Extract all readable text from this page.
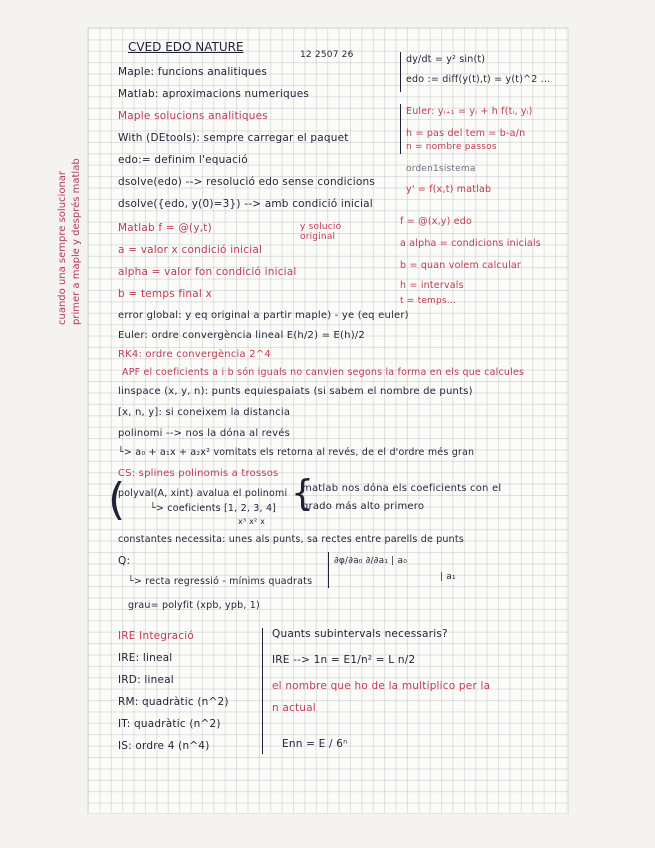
cuando una sempre solucionar primer a maple y després matlab
CVED EDO NATURE
12 2507 26
Maple: funcions analitiques
Matlab: aproximacions numeriques
Maple solucions analitiques
With (DEtools): sempre carregar el paquet
edo:= definim l'equació
dsolve(edo) --> resolució edo sense condicions
dsolve({edo, y(0)=3}) --> amb condició inicial
dy/dt = y² sin(t)
edo := diff(y(t),t) = y(t)^2 ...
Euler: yᵢ₊₁ = yᵢ + h f(tᵢ, yᵢ)
h = pas del tem = b-a/n
n = nombre passos
orden1sistema
y' = f(x,t) matlab
Matlab f = @(y,t)
a = valor x condició inicial
alpha = valor fon condició inicial
b = temps final x
y solució original
f = @(x,y) edo
a alpha = condicions inicials
b = quan volem calcular
h = intervals
t = temps...
error global: y eq original a partir maple) - ye (eq euler)
Euler: ordre convergència lineal E(h/2) = E(h)/2
RK4: ordre convergència 2^4
APF el coeficients a i b són iguals no canvien segons la forma en els que calcules
linspace (x, y, n): punts equiespaiats (si sabem el nombre de punts)
[x, n, y]: si coneixem la distancia
polinomi --> nos la dóna al revés
└> a₀ + a₁x + a₂x² vomitats els retorna al revés, de el d'ordre més gran
CS: splines polinomis a trossos
(
polyval(A, xint) avalua el polinomi
└> coeficients [1, 2, 3, 4]
x³ x² x
{
matlab nos dóna els coeficients con el
grado más alto primero
constantes necessita: unes als punts, sa rectes entre parells de punts
Q:
└> recta regressió - mínims quadrats
grau= polyfit (xpb, ypb, 1)
∂φ/∂a₀ ∂/∂a₁ | a₀
| a₁
IRE Integració
IRE: lineal
IRD: lineal
RM: quadràtic (n^2)
IT: quadràtic (n^2)
IS: ordre 4 (n^4)
Quants subintervals necessaris?
IRE --> 1n = E1/n² = L n/2
el nombre que ho de la multiplico per la
n actual
Enn = E / 6ⁿ
